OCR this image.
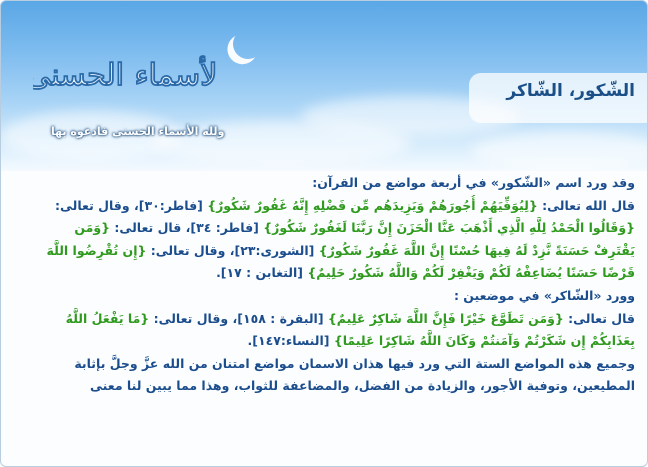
الشّكور، الشّاكر
الأسماء الحسنى
ولله الأسماء الحسنى فادعوه بها

وقد ورد اسم «الشّكور» في أربعة مواضع من القرآن:

قال الله تعالى: {لِيُوَفِّيَهُمْ أُجُورَهُمْ وَيَزِيدَهُم مِّن فَضْلِهِ إِنَّهُ غَفُورٌ شَكُورٌ} [فاطر:٣٠]، وقال تعالى:

{وَقَالُوا الْحَمْدُ لِلَّهِ الَّذِي أَذْهَبَ عَنَّا الْحَزَنَ إِنَّ رَبَّنَا لَغَفُورٌ شَكُورٌ} [فاطر: ٣٤]، قال تعالى: {وَمَن

يَقْتَرِفْ حَسَنَةً نَّزِدْ لَهُ فِيهَا حُسْنًا إِنَّ اللَّهَ غَفُورٌ شَكُورٌ} [الشورى:٢٣]، وقال تعالى: {إِن تُقْرِضُوا اللَّهَ

قَرْضًا حَسَنًا يُضَاعِفْهُ لَكُمْ وَيَغْفِرْ لَكُمْ وَاللَّهُ شَكُورٌ حَلِيمٌ} [التغابن : ١٧].

وورد «الشّاكر» في موضعين :

قال تعالى: {وَمَن تَطَوَّعَ خَيْرًا فَإِنَّ اللَّهَ شَاكِرٌ عَلِيمٌ} [البقرة : ١٥٨]، وقال تعالى: {مَا يَفْعَلُ اللَّهُ

بِعَذَابِكُمْ إِن شَكَرْتُمْ وَآمَنتُمْ وَكَانَ اللَّهُ شَاكِرًا عَلِيمًا} [النساء:١٤٧].

وجميع هذه المواضع الستة التي ورد فيها هذان الاسمان مواضع امتنان من الله عزَّ وجلَّ بإثابة

المطيعين، وتوفية الأجور، والزيادة من الفضل، والمضاعفة للثواب، وهذا مما يبين لنا معنى
